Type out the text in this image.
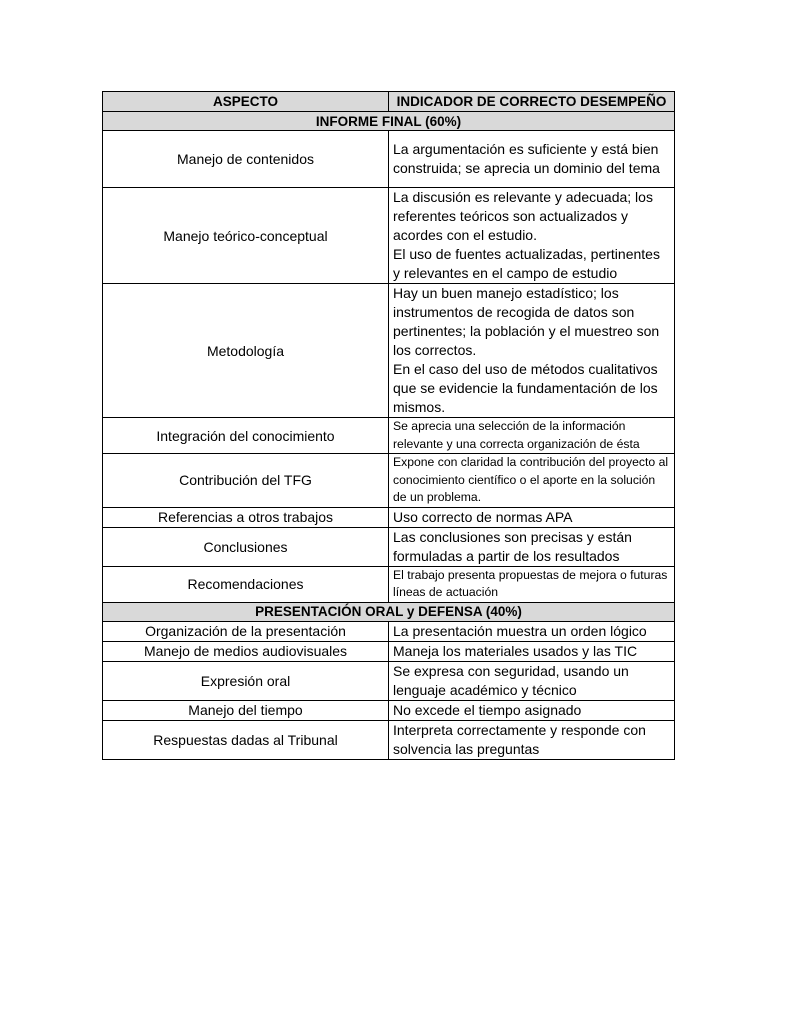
ASPECTO	INDICADOR DE CORRECTO DESEMPEÑO
INFORME FINAL (60%)	
Manejo de contenidos	La argumentación es suficiente y está bien construida; se aprecia un dominio del tema

Manejo teórico-conceptual	La discusión es relevante y adecuada; los referentes teóricos son actualizados y acordes con el estudio.
El uso de fuentes actualizadas, pertinentes y relevantes en el campo de estudio

Metodología	Hay un buen manejo estadístico; los instrumentos de recogida de datos son pertinentes; la población y el muestreo son los correctos.
En el caso del uso de métodos cualitativos que se evidencie la fundamentación de los mismos.

Integración del conocimiento	Se aprecia una selección de la información relevante y una correcta organización de ésta

Contribución del TFG	Expone con claridad la contribución del proyecto al conocimiento científico o el aporte en la solución de un problema.

Referencias a otros trabajos	Uso correcto de normas APA

Conclusiones	Las conclusiones son precisas y están formuladas a partir de los resultados

Recomendaciones	El trabajo presenta propuestas de mejora o futuras líneas de actuación

PRESENTACIÓN ORAL y DEFENSA (40%)	
Organización de la presentación	La presentación muestra un orden lógico

Manejo de medios audiovisuales	Maneja los materiales usados y las TIC

Expresión oral	Se expresa con seguridad, usando un lenguaje académico y técnico

Manejo del tiempo	No excede el tiempo asignado

Respuestas dadas al Tribunal	Interpreta correctamente y responde con solvencia las preguntas
